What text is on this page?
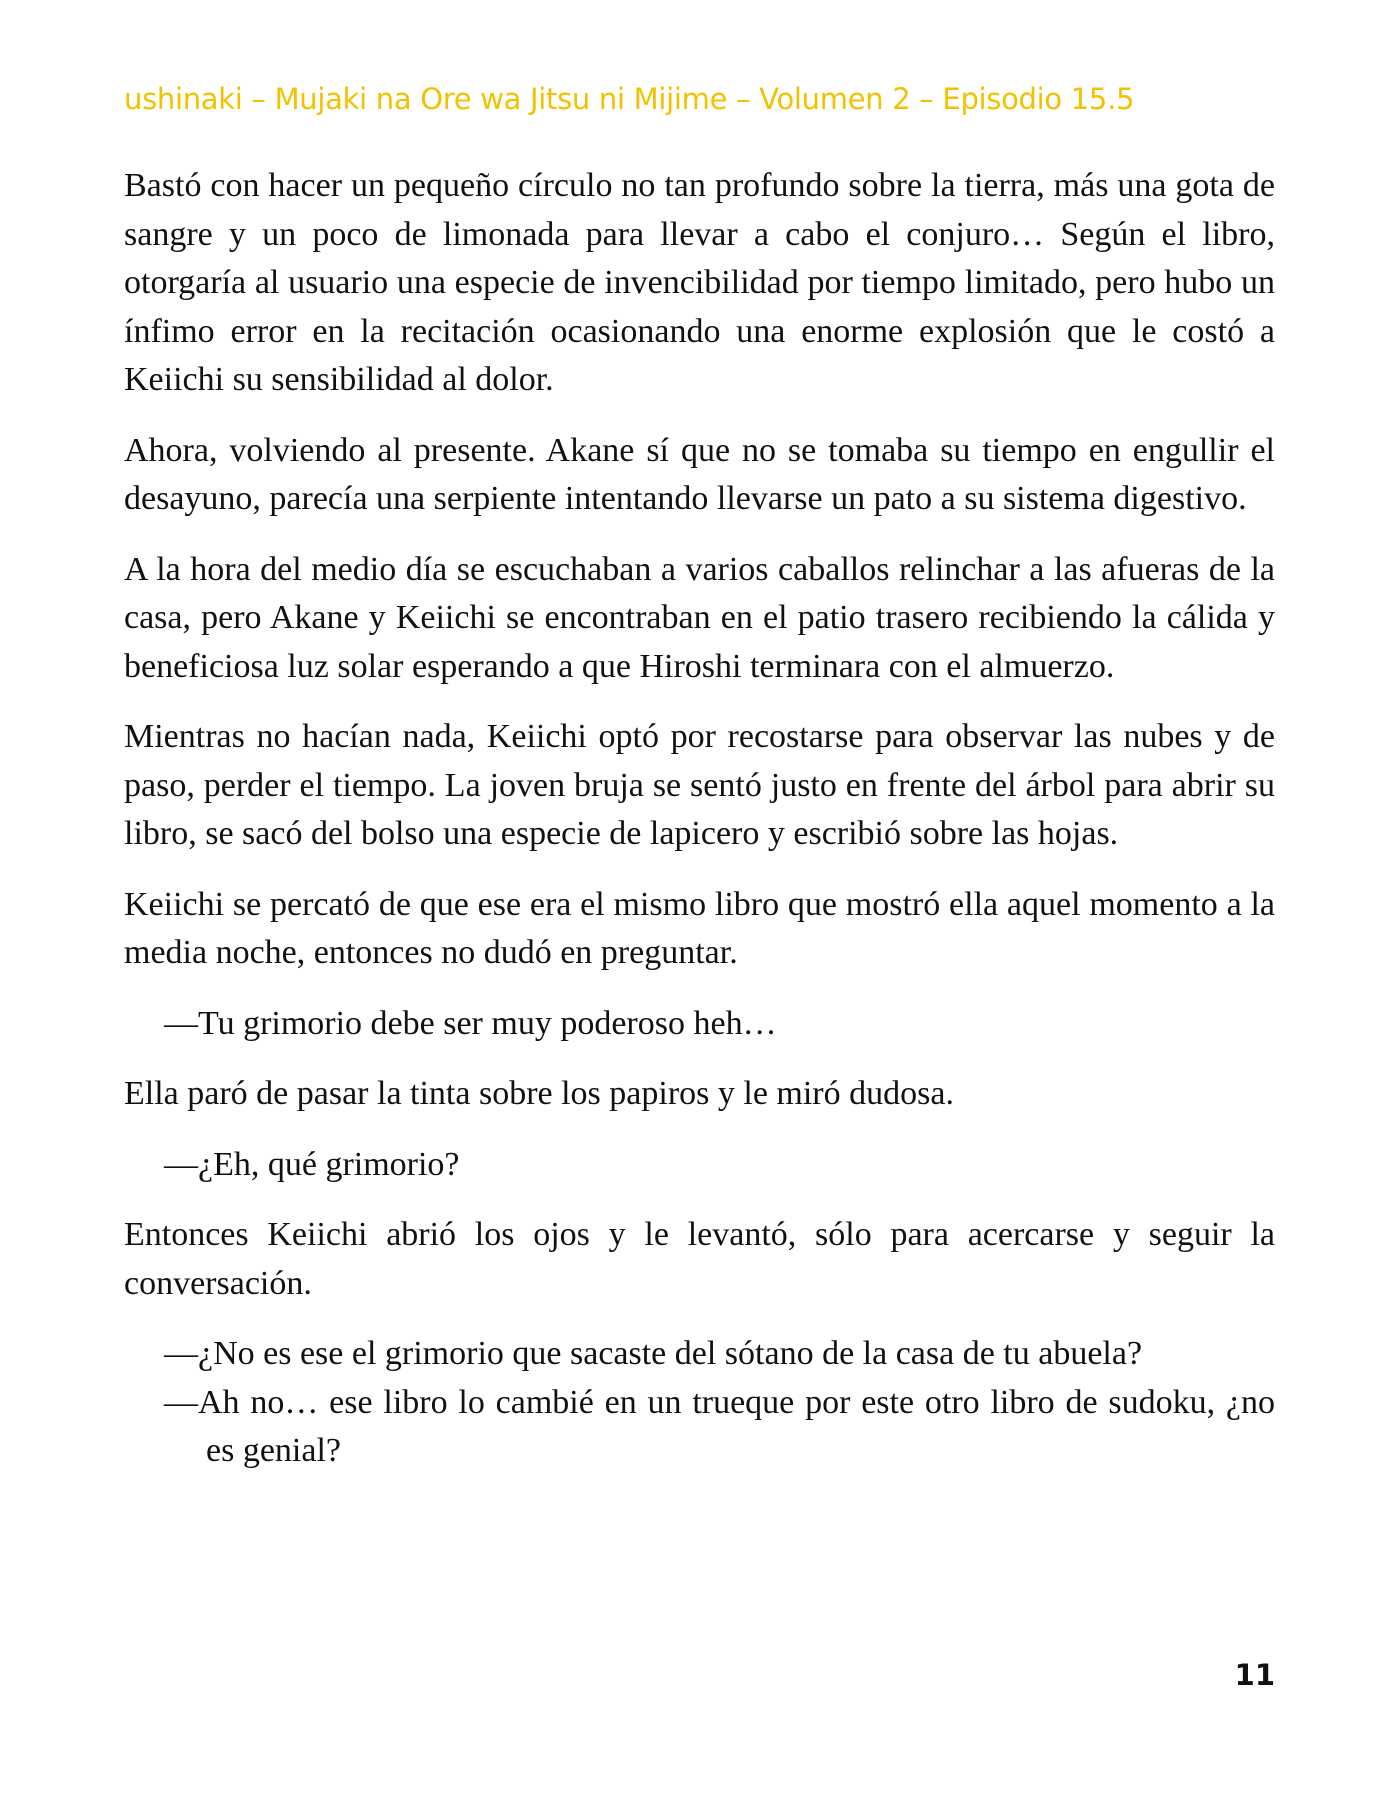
ushinaki – Mujaki na Ore wa Jitsu ni Mijime – Volumen 2 – Episodio 15.5

Bastó con hacer un pequeño círculo no tan profundo sobre la tierra, más una gota de sangre y un poco de limonada para llevar a cabo el conjuro… Según el libro, otorgaría al usuario una especie de invencibilidad por tiempo limitado, pero hubo un ínfimo error en la recitación ocasionando una enorme explosión que le costó a Keiichi su sensibilidad al dolor.

Ahora, volviendo al presente. Akane sí que no se tomaba su tiempo en engullir el desayuno, parecía una serpiente intentando llevarse un pato a su sistema digestivo.

A la hora del medio día se escuchaban a varios caballos relinchar a las afueras de la casa, pero Akane y Keiichi se encontraban en el patio trasero recibiendo la cálida y beneficiosa luz solar esperando a que Hiroshi terminara con el almuerzo.

Mientras no hacían nada, Keiichi optó por recostarse para observar las nubes y de paso, perder el tiempo. La joven bruja se sentó justo en frente del árbol para abrir su libro, se sacó del bolso una especie de lapicero y escribió sobre las hojas.

Keiichi se percató de que ese era el mismo libro que mostró ella aquel momento a la media noche, entonces no dudó en preguntar.

—Tu grimorio debe ser muy poderoso heh…

Ella paró de pasar la tinta sobre los papiros y le miró dudosa.

—¿Eh, qué grimorio?

Entonces Keiichi abrió los ojos y le levantó, sólo para acercarse y seguir la conversación.

—¿No es ese el grimorio que sacaste del sótano de la casa de tu abuela?

—Ah no… ese libro lo cambié en un trueque por este otro libro de sudoku, ¿no es genial?

11
